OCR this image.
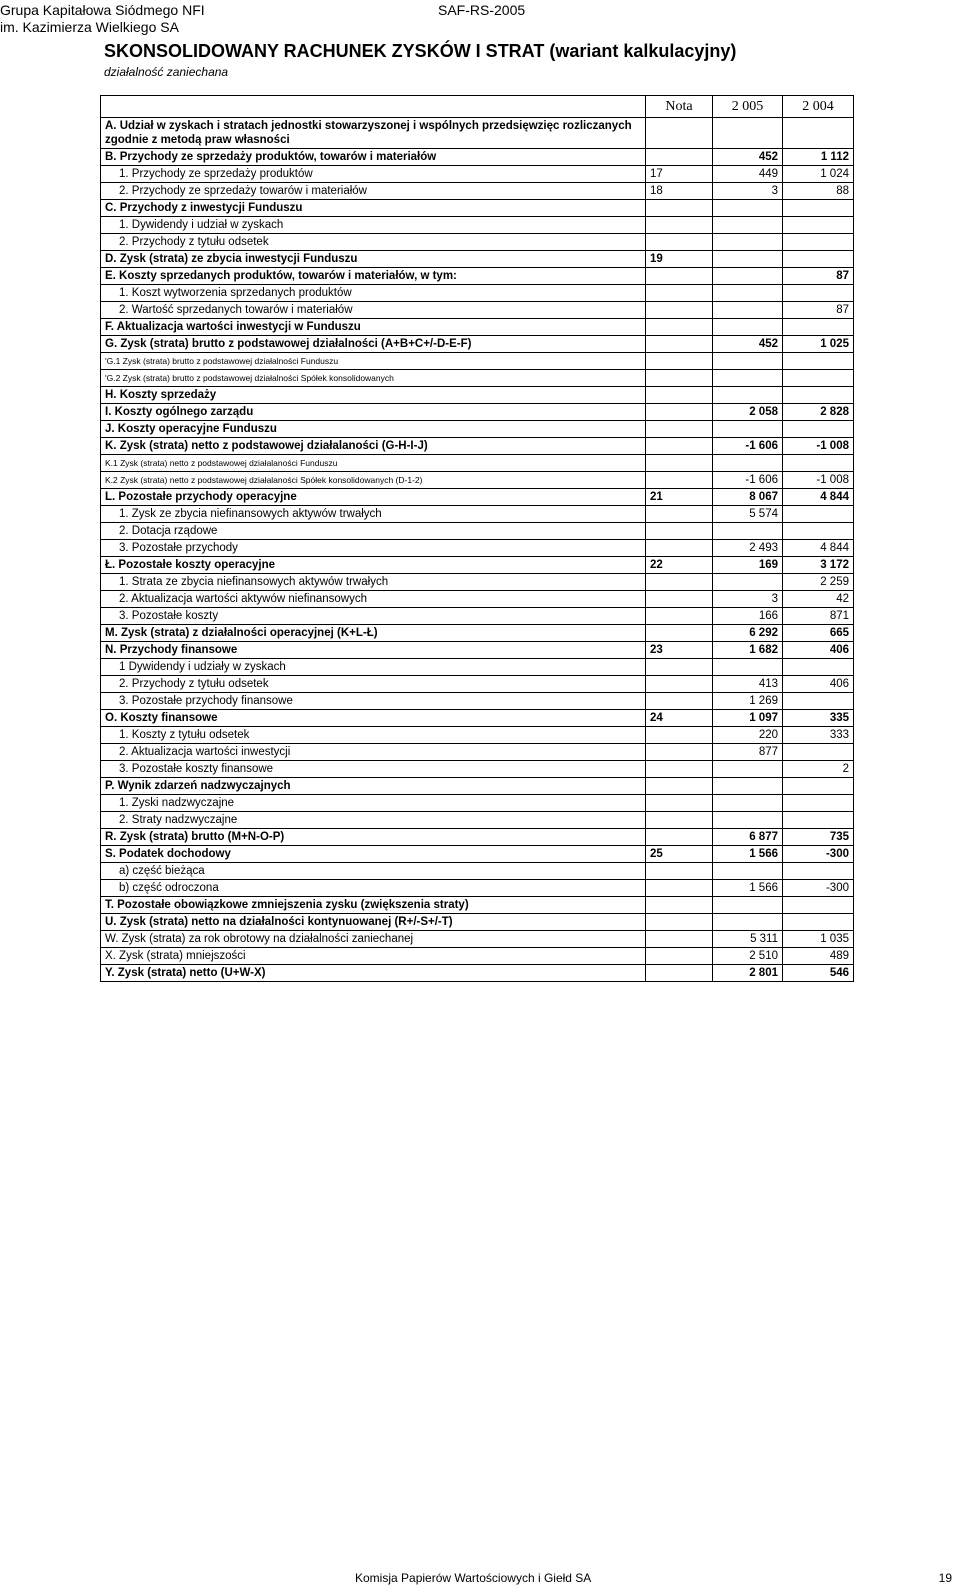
Grupa Kapitałowa Siódmego NFI
im. Kazimierza Wielkiego SA
SAF-RS-2005
SKONSOLIDOWANY RACHUNEK ZYSKÓW I STRAT (wariant kalkulacyjny)
działalność zaniechana
	Nota	2 005	2 004
A. Udział w zyskach i stratach jednostki stowarzyszonej i wspólnych przedsięwzięc rozliczanych zgodnie z metodą praw własności			
B. Przychody ze sprzedaży produktów, towarów i materiałów		452	1 112
1. Przychody ze sprzedaży produktów	17	449	1 024
2. Przychody ze sprzedaży towarów i materiałów	18	3	88
C. Przychody z inwestycji Funduszu			
1. Dywidendy i udział w zyskach			
2. Przychody z tytułu odsetek			
D. Zysk (strata) ze zbycia inwestycji Funduszu	19		
E. Koszty sprzedanych produktów, towarów i materiałów, w tym:			87
1. Koszt wytworzenia sprzedanych produktów			
2. Wartość sprzedanych towarów i materiałów			87
F. Aktualizacja wartości inwestycji w Funduszu			
G. Zysk (strata) brutto z podstawowej działalności (A+B+C+/-D-E-F)		452	1 025
'G.1 Zysk (strata) brutto z podstawowej działalności Funduszu			
'G.2 Zysk (strata) brutto z podstawowej działalności Spółek konsolidowanych			
H. Koszty sprzedaży			
I. Koszty ogólnego zarządu		2 058	2 828
J. Koszty operacyjne Funduszu			
K. Zysk (strata) netto z podstawowej działalaności (G-H-I-J)		-1 606	-1 008
K.1 Zysk (strata) netto z podstawowej działalaności Funduszu			
K.2 Zysk (strata) netto z podstawowej działalaności Spółek konsolidowanych (D-1-2)		-1 606	-1 008
L. Pozostałe przychody operacyjne	21	8 067	4 844
1. Zysk ze zbycia niefinansowych aktywów trwałych		5 574	
2. Dotacja rządowe			
3. Pozostałe przychody		2 493	4 844
Ł. Pozostałe koszty operacyjne	22	169	3 172
1. Strata ze zbycia niefinansowych aktywów trwałych			2 259
2. Aktualizacja wartości aktywów niefinansowych		3	42
3. Pozostałe koszty		166	871
M. Zysk (strata) z działalności operacyjnej (K+L-Ł)		6 292	665
N. Przychody finansowe	23	1 682	406
1 Dywidendy i udziały w zyskach			
2. Przychody z tytułu odsetek		413	406
3. Pozostałe przychody finansowe		1 269	
O. Koszty finansowe	24	1 097	335
1. Koszty z tytułu odsetek		220	333
2. Aktualizacja wartości inwestycji		877	
3. Pozostałe koszty finansowe			2
P. Wynik zdarzeń nadzwyczajnych			
1. Zyski nadzwyczajne			
2. Straty nadzwyczajne			
R. Zysk (strata) brutto (M+N-O-P)		6 877	735
S. Podatek dochodowy	25	1 566	-300
a) część bieżąca			
b) część odroczona		1 566	-300
T. Pozostałe obowiązkowe zmniejszenia zysku (zwiększenia straty)			
U. Zysk (strata) netto na działalności kontynuowanej (R+/-S+/-T)			
W. Zysk (strata) za rok obrotowy na działalności zaniechanej		5 311	1 035
X. Zysk (strata) mniejszości		2 510	489
Y. Zysk (strata) netto (U+W-X)		2 801	546
Komisja Papierów Wartościowych i Giełd SA	19
